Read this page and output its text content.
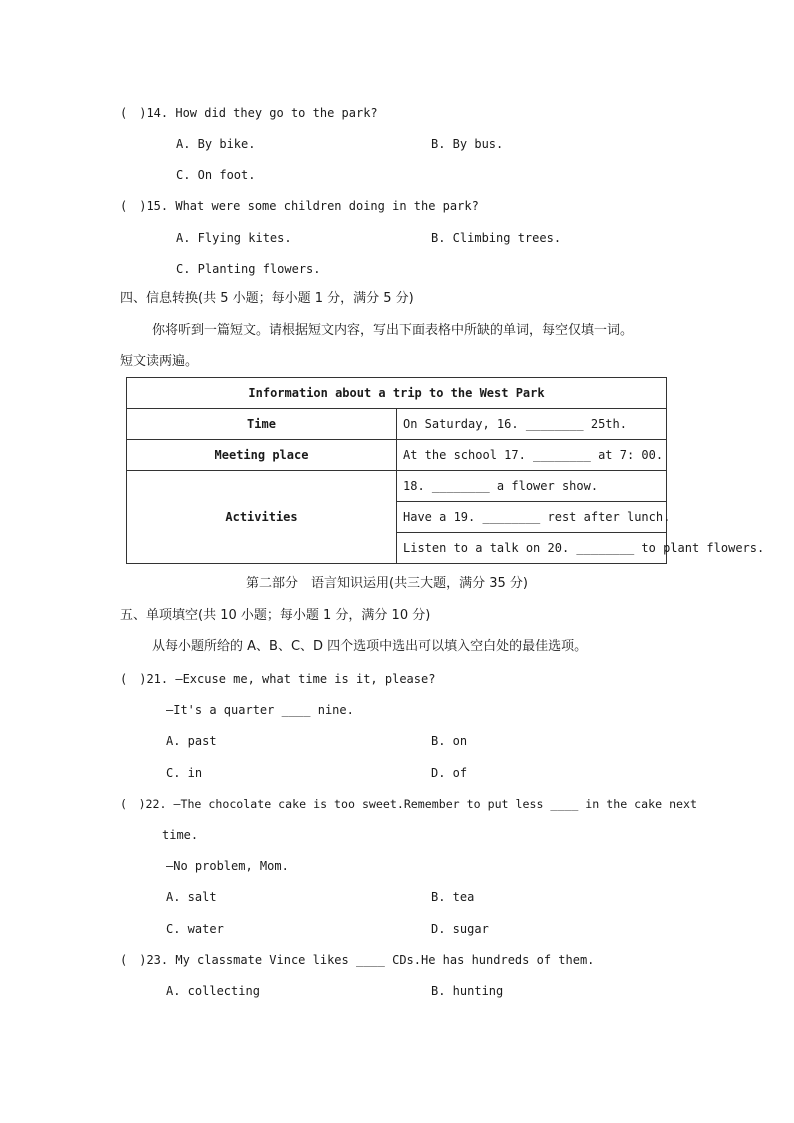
(　)14. How did they go to the park?
A. By bike.	B. By bus.
C. On foot.
(　)15. What were some children doing in the park?
A. Flying kites.	B. Climbing trees.
C. Planting flowers.
四、信息转换(共 5 小题；每小题 1 分，满分 5 分)
你将听到一篇短文。请根据短文内容，写出下面表格中所缺的单词，每空仅填一词。
短文读两遍。
Information about a trip to the West Park	
Time	On Saturday, 16. ________ 25th.
Meeting place	At the school 17. ________ at 7: 00.
Activities	18. ________ a flower show.
	Have a 19. ________ rest after lunch.
	Listen to a talk on 20. ________ to plant flowers.
第二部分　语言知识运用(共三大题，满分 35 分)
五、单项填空(共 10 小题；每小题 1 分，满分 10 分)
从每小题所给的 A、B、C、D 四个选项中选出可以填入空白处的最佳选项。
(　)21. —Excuse me, what time is it, please?
—It's a quarter ____ nine.
A. past	B. on
C. in	D. of
(　)22. —The chocolate cake is too sweet.Remember to put less ____ in the cake next
time.
—No problem, Mom.
A. salt	B. tea
C. water	D. sugar
(　)23. My classmate Vince likes ____ CDs.He has hundreds of them.
A. collecting	B. hunting
